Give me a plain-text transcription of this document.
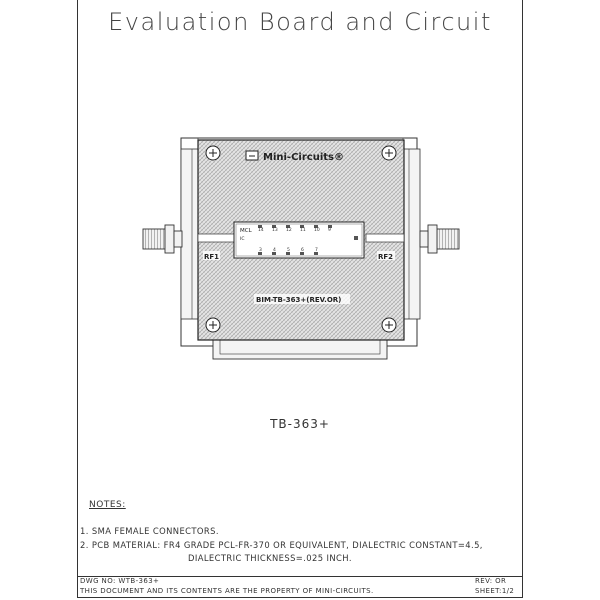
Evaluation Board and Circuit
Mini-Circuits®
MCL
IC
14 13 12 11 10 9
3 4 5 6 7
RF1	RF2
BIM-TB-363+(REV.OR)
TB-363+
NOTES:
1. SMA FEMALE CONNECTORS.
2. PCB MATERIAL: FR4 GRADE PCL-FR-370 OR EQUIVALENT, DIALECTRIC CONSTANT=4.5,
DIALECTRIC THICKNESS=.025 INCH.
DWG NO: WTB-363+	REV: OR
THIS DOCUMENT AND ITS CONTENTS ARE THE PROPERTY OF MINI-CIRCUITS.	SHEET:1/2
